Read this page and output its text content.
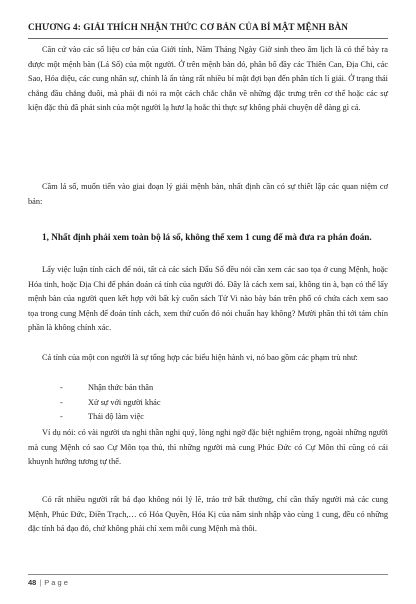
CHƯƠNG 4: GIẢI THÍCH NHẬN THỨC CƠ BẢN CỦA BÍ MẬT MỆNH BÀN

Căn cứ vào các số liệu cơ bản của Giới tính, Năm Tháng Ngày Giờ sinh theo âm lịch là có thể bày ra được một mệnh bàn (Lá Số) của một người. Ở trên mệnh bàn đó, phân bố đầy các Thiên Can, Địa Chi, các Sao, Hóa diệu, các cung nhân sự, chính là ẩn tàng rất nhiều bí mật đợi bạn đến phân tích lí giải. Ở trạng thái chẳng đầu chẳng đuôi, mà phải đi nói ra một cách chắc chắn về những đặc trưng trên cơ thể hoặc các sự kiện đặc thù đã phát sinh của một người lạ hươ lạ hoắc thì thực sự không phải chuyện dễ dàng gì cả.

Cầm lá số, muốn tiến vào giai đoạn lý giải mệnh bàn, nhất định cần có sự thiết lập các quan niệm cơ bản:

1, Nhất định phải xem toàn bộ lá số, không thể xem 1 cung để mà đưa ra phán đoán.

Lấy việc luận tính cách để nói, tất cả các sách Đẩu Số đều nói cần xem các sao tọa ở cung Mệnh, hoặc Hóa tinh, hoặc Địa Chi để phán đoán cá tính của người đó. Đây là cách xem sai, không tin à, bạn có thể lấy mệnh bàn của người quen kết hợp với bất kỳ cuốn sách Tử Vi nào bày bán trên phố có chứa cách xem sao tọa trong cung Mệnh để đoán tính cách, xem thử cuốn đó nói chuẩn hay không? Mười phần thì tới tám chín phần là không chính xác.

Cá tính của một con người là sự tổng hợp các biểu hiện hành vi, nó bao gồm các phạm trù như:

-	Nhận thức bản thân
-	Xử sự với người khác
-	Thái độ làm việc

Ví dụ nói: có vài người ưa nghi thần nghi quỷ, lòng nghi ngờ đặc biệt nghiêm trọng, ngoài những người mà cung Mệnh có sao Cự Môn tọa thủ, thì những người mà cung Phúc Đức có Cự Môn thì cũng có cái khuynh hướng tương tự thế.

Có rất nhiều người rất bá đạo không nói lý lẽ, tráo trở bất thường, chỉ cần thấy người mà các cung Mệnh, Phúc Đức, Điền Trạch,… có Hóa Quyền, Hóa Kị của năm sinh nhập vào cùng 1 cung, đều có những đặc tính bá đạo đó, chứ không phải chỉ xem mỗi cung Mệnh mà thôi.

48 | P a g e
